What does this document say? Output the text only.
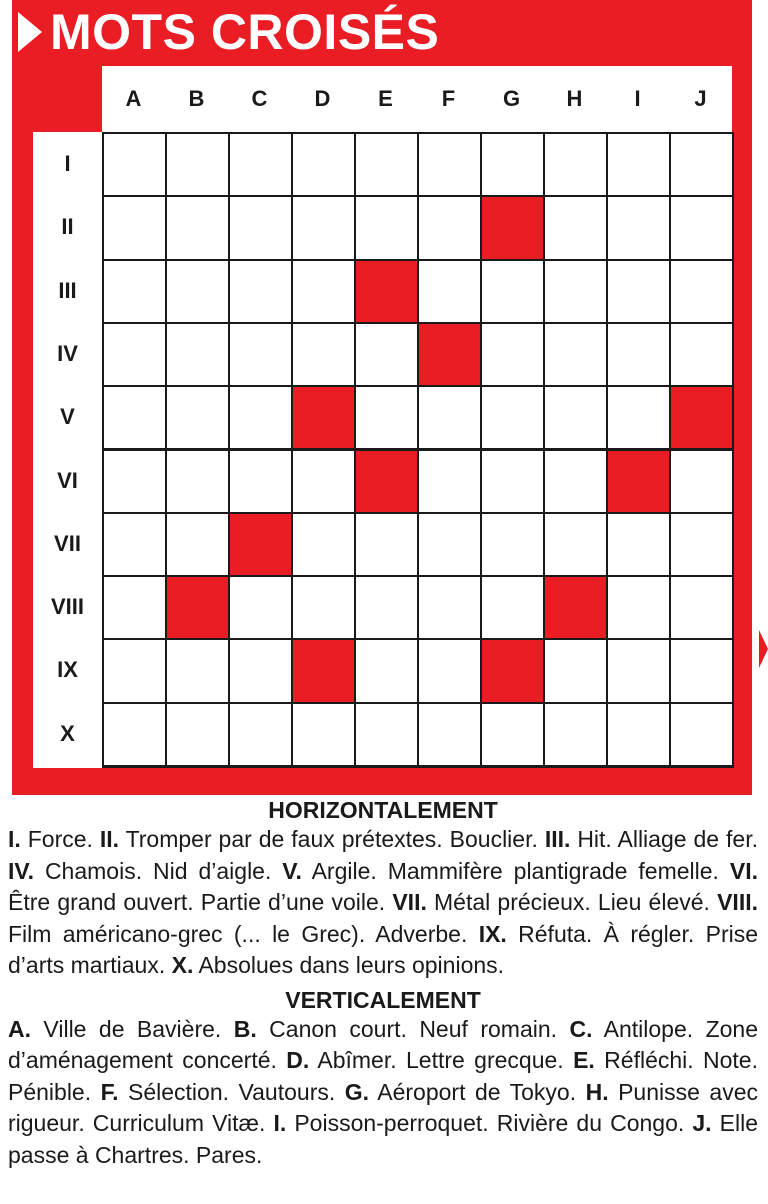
MOTS CROISÉS
A	B	C	D	E	F	G	H	I	J
I
II
III
IV
V
VI
VII
VIII
IX
X

HORIZONTALEMENT

I. Force. II. Tromper par de faux prétextes. Bouclier. III. Hit. Alliage de fer. IV. Chamois. Nid d’aigle. V. Argile. Mammifère plantigrade femelle. VI. Être grand ouvert. Partie d’une voile. VII. Métal précieux. Lieu élevé. VIII. Film américano-grec (... le Grec). Adverbe. IX. Réfuta. À régler. Prise d’arts martiaux. X. Absolues dans leurs opinions.

VERTICALEMENT

A. Ville de Bavière. B. Canon court. Neuf romain. C. Antilope. Zone d’aménagement concerté. D. Abîmer. Lettre grecque. E. Réfléchi. Note. Pénible. F. Sélection. Vautours. G. Aéroport de Tokyo. H. Punisse avec rigueur. Curriculum Vitæ. I. Poisson-perroquet. Rivière du Congo. J. Elle passe à Chartres. Pares.
